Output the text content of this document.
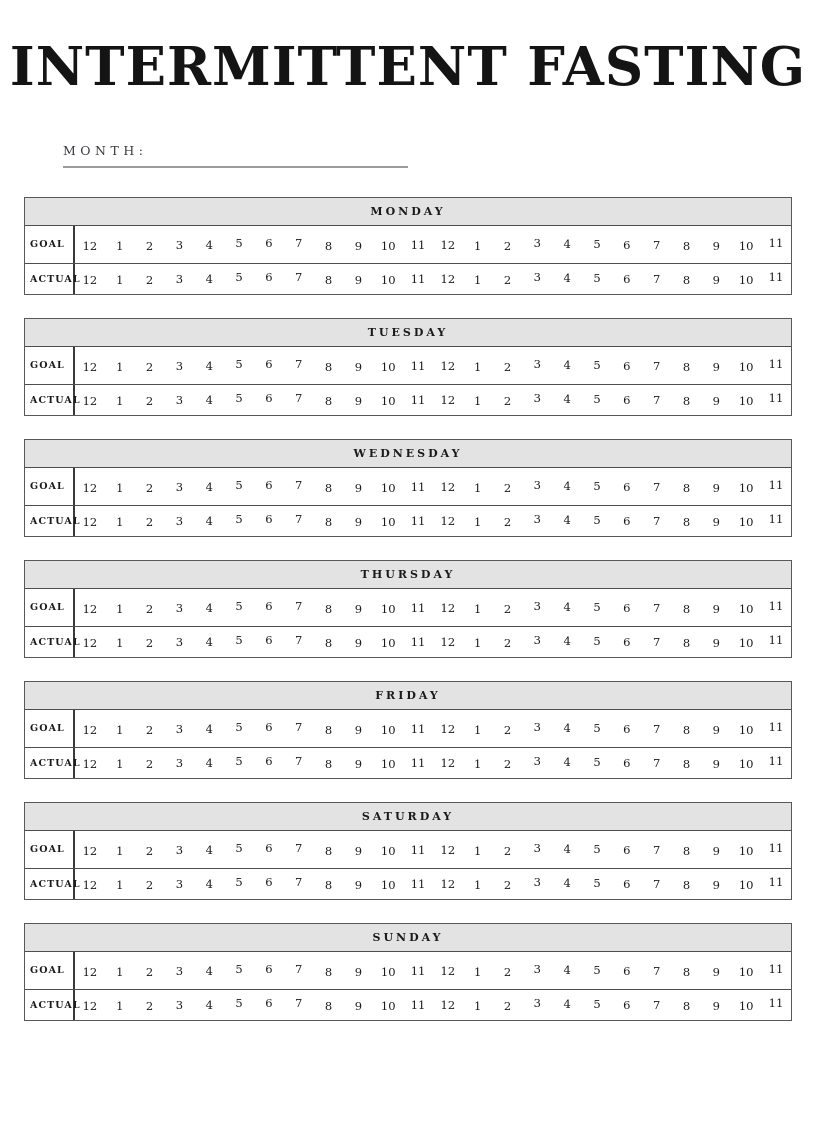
INTERMITTENT FASTING
MONTH:
MONDAY
GOAL	12	1	2	3	4	5	6	7	8	9	10	11	12	1	2	3	4	5	6	7	8	9	10	11
ACTUAL 12	1	2	3	4	5	6	7	8	9	10	11	12	1	2	3	4	5	6	7	8	9	10	11
TUESDAY
GOAL	12	1	2	3	4	5	6	7	8	9	10	11	12	1	2	3	4	5	6	7	8	9	10	11
ACTUAL 12	1	2	3	4	5	6	7	8	9	10	11	12	1	2	3	4	5	6	7	8	9	10	11
WEDNESDAY
GOAL	12	1	2	3	4	5	6	7	8	9	10	11	12	1	2	3	4	5	6	7	8	9	10	11
ACTUAL 12	1	2	3	4	5	6	7	8	9	10	11	12	1	2	3	4	5	6	7	8	9	10	11
THURSDAY
GOAL	12	1	2	3	4	5	6	7	8	9	10	11	12	1	2	3	4	5	6	7	8	9	10	11
ACTUAL 12	1	2	3	4	5	6	7	8	9	10	11	12	1	2	3	4	5	6	7	8	9	10	11
FRIDAY
GOAL	12	1	2	3	4	5	6	7	8	9	10	11	12	1	2	3	4	5	6	7	8	9	10	11
ACTUAL 12	1	2	3	4	5	6	7	8	9	10	11	12	1	2	3	4	5	6	7	8	9	10	11
SATURDAY
GOAL	12	1	2	3	4	5	6	7	8	9	10	11	12	1	2	3	4	5	6	7	8	9	10	11
ACTUAL 12	1	2	3	4	5	6	7	8	9	10	11	12	1	2	3	4	5	6	7	8	9	10	11
SUNDAY
GOAL	12	1	2	3	4	5	6	7	8	9	10	11	12	1	2	3	4	5	6	7	8	9	10	11
ACTUAL 12	1	2	3	4	5	6	7	8	9	10	11	12	1	2	3	4	5	6	7	8	9	10	11
